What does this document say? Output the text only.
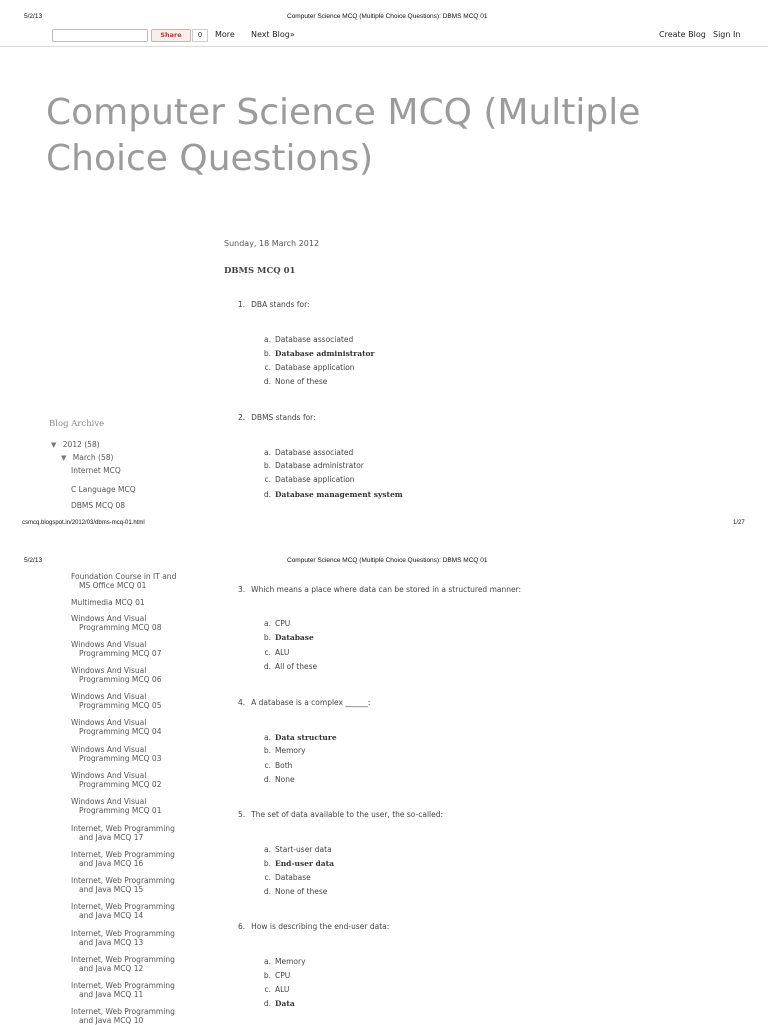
5/2/13	Computer Science MCQ (Multiple Choice Questions): DBMS MCQ 01
Share	0	More Next Blog»	Create Blog Sign In
Computer Science MCQ (Multiple
Choice Questions)
Sunday, 18 March 2012
DBMS MCQ 01
1. DBA stands for:
a. Database associated
b. Database administrator
c. Database application
d. None of these
2. DBMS stands for:
a. Database associated
b. Database administrator
c. Database application
d. Database management system
3. Which means a place where data can be stored in a structured manner:
a. CPU
b. Database
c. ALU
d. All of these
4. A database is a complex ______:
a. Data structure
b. Memory
c. Both
d. None
5. The set of data available to the user, the so-called:
a. Start-user data
b. End-user data
c. Database
d. None of these
6. How is describing the end-user data:
a. Memory
b. CPU
c. ALU
d. Data
Blog Archive
▼ 2012 (58)
▼ March (58)
Internet MCQ
C Language MCQ
DBMS MCQ 08
csmcq.blogspot.in/2012/03/dbms-mcq-01.html	1/27
5/2/13	Computer Science MCQ (Multiple Choice Questions): DBMS MCQ 01
Foundation Course in IT and
MS Office MCQ 01
Multimedia MCQ 01
Windows And Visual
Programming MCQ 08
Windows And Visual
Programming MCQ 07
Windows And Visual
Programming MCQ 06
Windows And Visual
Programming MCQ 05
Windows And Visual
Programming MCQ 04
Windows And Visual
Programming MCQ 03
Windows And Visual
Programming MCQ 02
Windows And Visual
Programming MCQ 01
Internet, Web Programming
and Java MCQ 17
Internet, Web Programming
and Java MCQ 16
Internet, Web Programming
and Java MCQ 15
Internet, Web Programming
and Java MCQ 14
Internet, Web Programming
and Java MCQ 13
Internet, Web Programming
and Java MCQ 12
Internet, Web Programming
and Java MCQ 11
Internet, Web Programming
and Java MCQ 10
